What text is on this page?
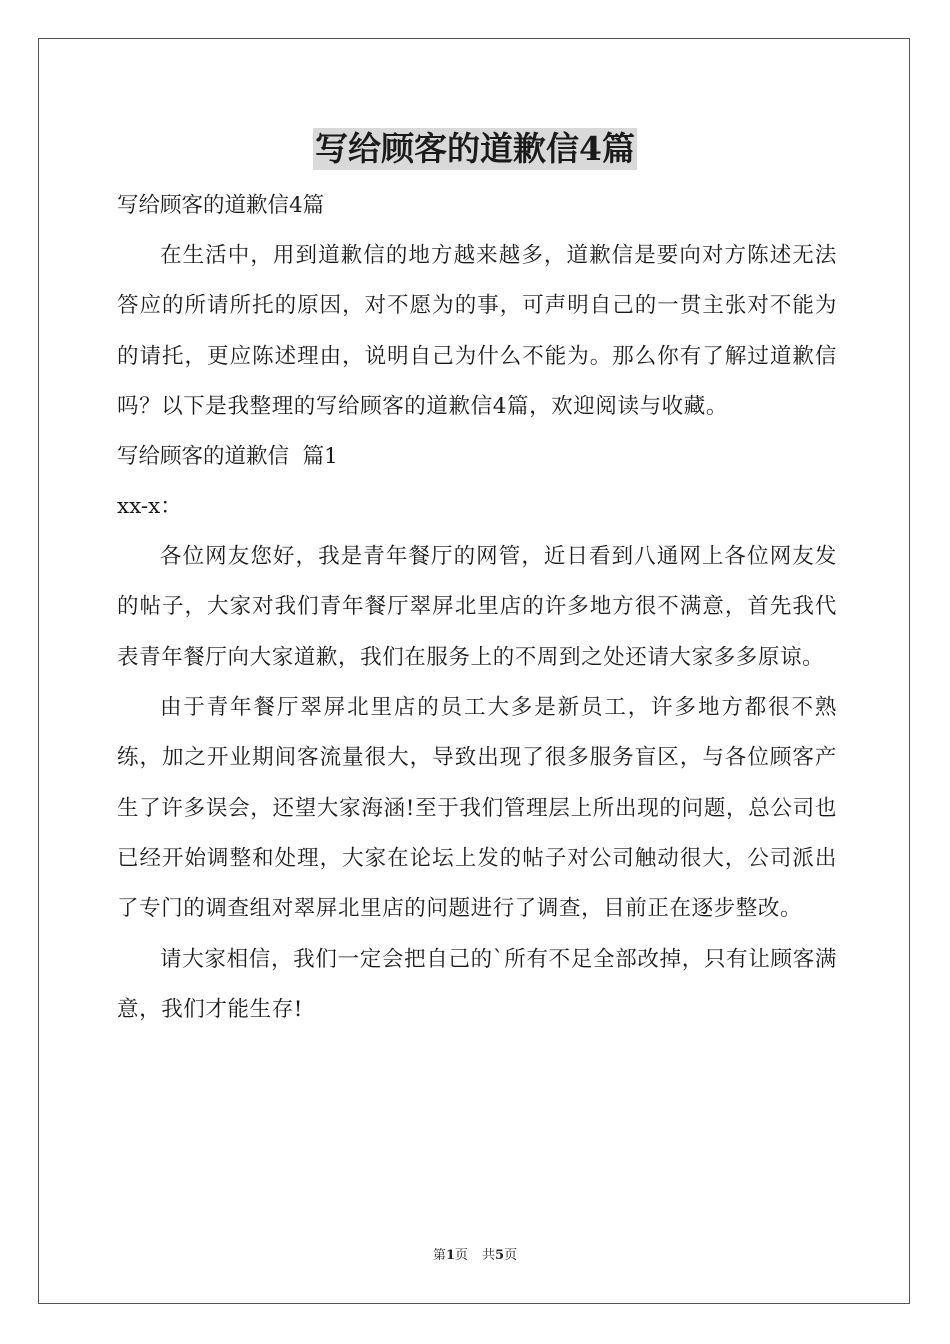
写给顾客的道歉信4篇

写给顾客的道歉信4篇

在生活中，用到道歉信的地方越来越多，道歉信是要向对方陈述无法答应的所请所托的原因，对不愿为的事，可声明自己的一贯主张对不能为的请托，更应陈述理由，说明自己为什么不能为。那么你有了解过道歉信吗？以下是我整理的写给顾客的道歉信4篇，欢迎阅读与收藏。

写给顾客的道歉信  篇1

xx-x：

各位网友您好，我是青年餐厅的网管，近日看到八通网上各位网友发的帖子，大家对我们青年餐厅翠屏北里店的许多地方很不满意，首先我代表青年餐厅向大家道歉，我们在服务上的不周到之处还请大家多多原谅。

由于青年餐厅翠屏北里店的员工大多是新员工，许多地方都很不熟练，加之开业期间客流量很大，导致出现了很多服务盲区，与各位顾客产生了许多误会，还望大家海涵!至于我们管理层上所出现的问题，总公司也已经开始调整和处理，大家在论坛上发的帖子对公司触动很大，公司派出了专门的调查组对翠屏北里店的问题进行了调查，目前正在逐步整改。

请大家相信，我们一定会把自己的`所有不足全部改掉，只有让顾客满意，我们才能生存!

第1页 共5页
